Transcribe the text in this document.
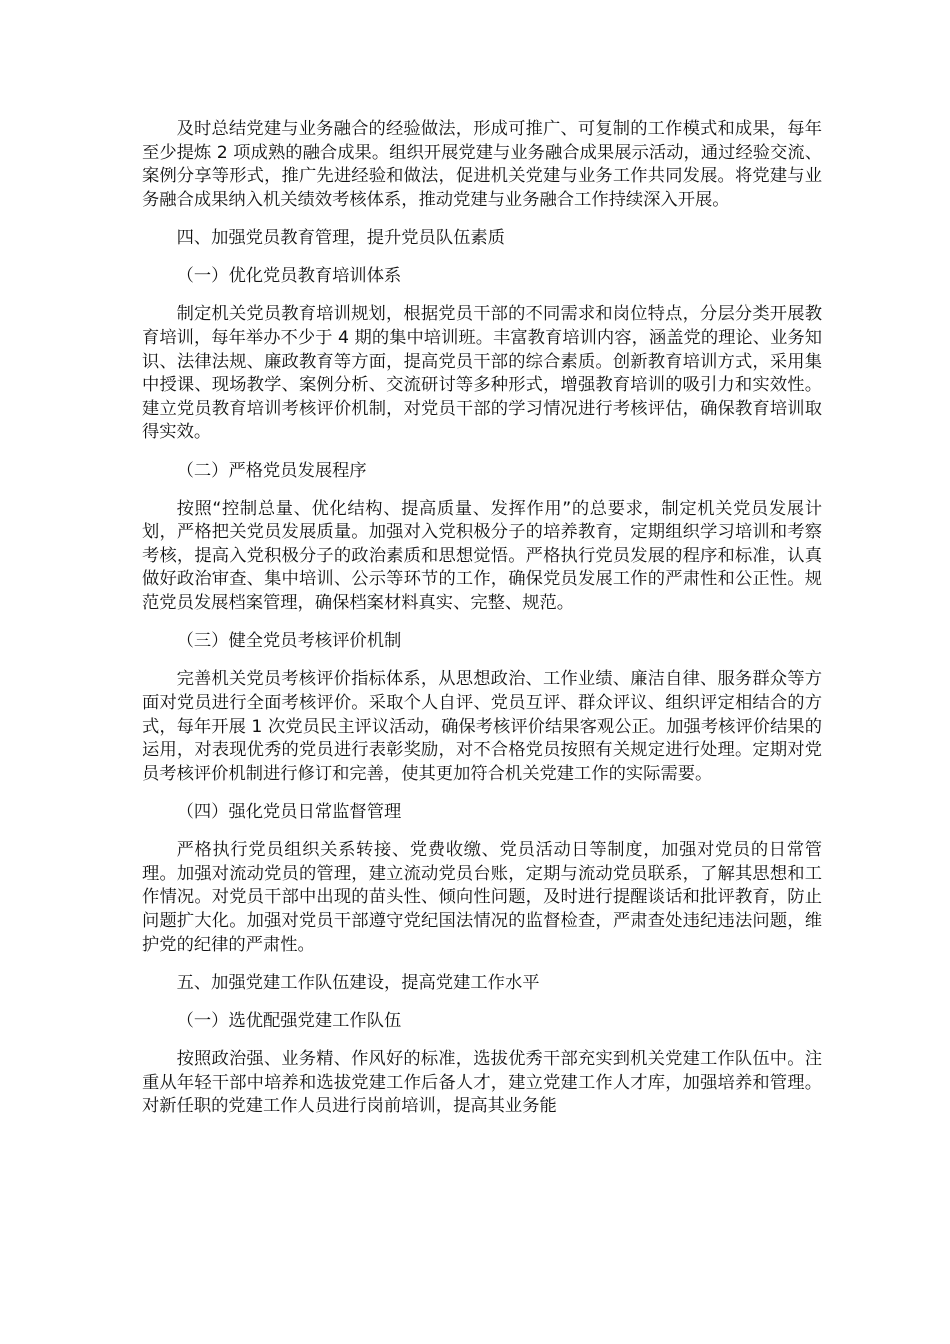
及时总结党建与业务融合的经验做法，形成可推广、可复制的工作模式和成果，每年至少提炼 2 项成熟的融合成果。组织开展党建与业务融合成果展示活动，通过经验交流、案例分享等形式，推广先进经验和做法，促进机关党建与业务工作共同发展。将党建与业务融合成果纳入机关绩效考核体系，推动党建与业务融合工作持续深入开展。

四、加强党员教育管理，提升党员队伍素质

（一）优化党员教育培训体系

制定机关党员教育培训规划，根据党员干部的不同需求和岗位特点，分层分类开展教育培训，每年举办不少于 4 期的集中培训班。丰富教育培训内容，涵盖党的理论、业务知识、法律法规、廉政教育等方面，提高党员干部的综合素质。创新教育培训方式，采用集中授课、现场教学、案例分析、交流研讨等多种形式，增强教育培训的吸引力和实效性。建立党员教育培训考核评价机制，对党员干部的学习情况进行考核评估，确保教育培训取得实效。

（二）严格党员发展程序

按照“控制总量、优化结构、提高质量、发挥作用”的总要求，制定机关党员发展计划，严格把关党员发展质量。加强对入党积极分子的培养教育，定期组织学习培训和考察考核，提高入党积极分子的政治素质和思想觉悟。严格执行党员发展的程序和标准，认真做好政治审查、集中培训、公示等环节的工作，确保党员发展工作的严肃性和公正性。规范党员发展档案管理，确保档案材料真实、完整、规范。

（三）健全党员考核评价机制

完善机关党员考核评价指标体系，从思想政治、工作业绩、廉洁自律、服务群众等方面对党员进行全面考核评价。采取个人自评、党员互评、群众评议、组织评定相结合的方式，每年开展 1 次党员民主评议活动，确保考核评价结果客观公正。加强考核评价结果的运用，对表现优秀的党员进行表彰奖励，对不合格党员按照有关规定进行处理。定期对党员考核评价机制进行修订和完善，使其更加符合机关党建工作的实际需要。

（四）强化党员日常监督管理

严格执行党员组织关系转接、党费收缴、党员活动日等制度，加强对党员的日常管理。加强对流动党员的管理，建立流动党员台账，定期与流动党员联系，了解其思想和工作情况。对党员干部中出现的苗头性、倾向性问题，及时进行提醒谈话和批评教育，防止问题扩大化。加强对党员干部遵守党纪国法情况的监督检查，严肃查处违纪违法问题，维护党的纪律的严肃性。

五、加强党建工作队伍建设，提高党建工作水平

（一）选优配强党建工作队伍

按照政治强、业务精、作风好的标准，选拔优秀干部充实到机关党建工作队伍中。注重从年轻干部中培养和选拔党建工作后备人才，建立党建工作人才库，加强培养和管理。对新任职的党建工作人员进行岗前培训，提高其业务能
